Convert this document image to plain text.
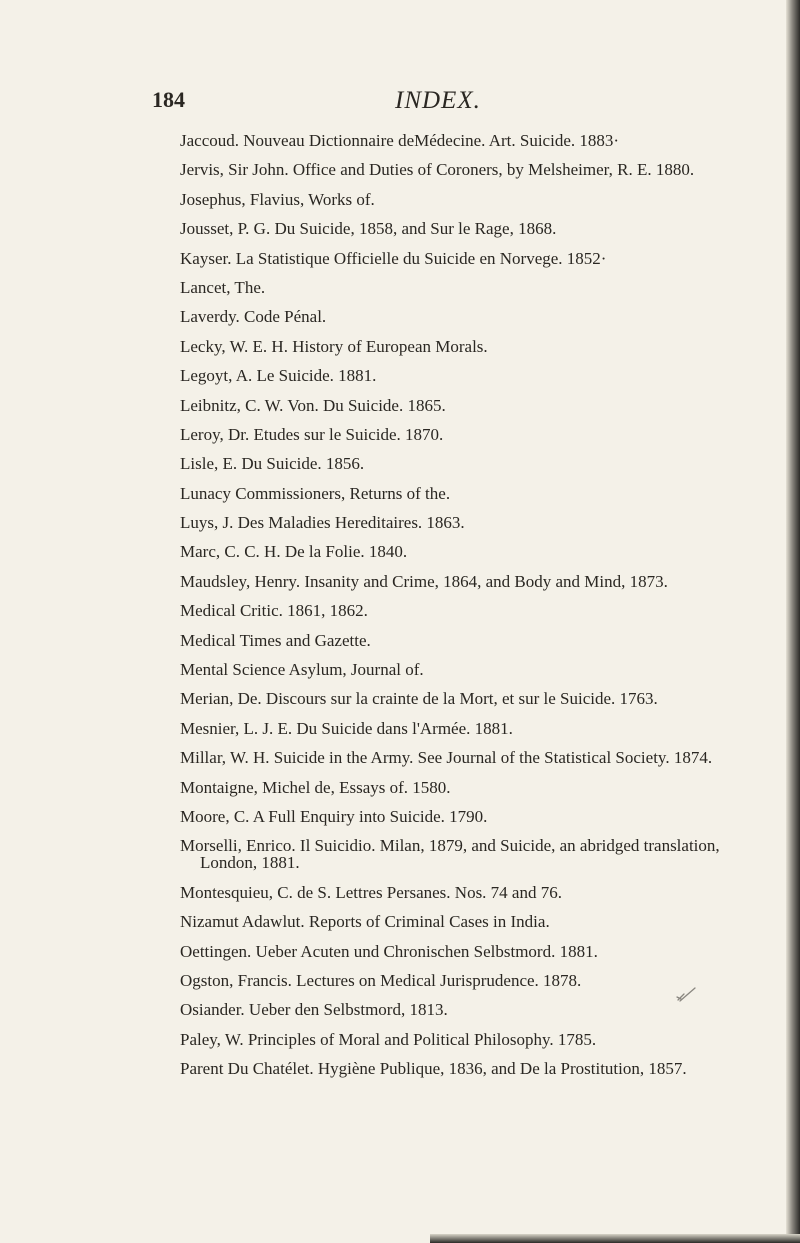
184	INDEX.
Jaccoud. Nouveau Dictionnaire deMédecine. Art. Suicide. 1883·
Jervis, Sir John. Office and Duties of Coroners, by Melsheimer, R. E. 1880.
Josephus, Flavius, Works of.
Jousset, P. G. Du Suicide, 1858, and Sur le Rage, 1868.
Kayser. La Statistique Officielle du Suicide en Norvege. 1852·
Lancet, The.
Laverdy. Code Pénal.
Lecky, W. E. H. History of European Morals.
Legoyt, A. Le Suicide. 1881.
Leibnitz, C. W. Von. Du Suicide. 1865.
Leroy, Dr. Etudes sur le Suicide. 1870.
Lisle, E. Du Suicide. 1856.
Lunacy Commissioners, Returns of the.
Luys, J. Des Maladies Hereditaires. 1863.
Marc, C. C. H. De la Folie. 1840.
Maudsley, Henry. Insanity and Crime, 1864, and Body and Mind, 1873.
Medical Critic. 1861, 1862.
Medical Times and Gazette.
Mental Science Asylum, Journal of.
Merian, De. Discours sur la crainte de la Mort, et sur le Suicide. 1763.
Mesnier, L. J. E. Du Suicide dans l'Armée. 1881.
Millar, W. H. Suicide in the Army. See Journal of the Statistical Society. 1874.
Montaigne, Michel de, Essays of. 1580.
Moore, C. A Full Enquiry into Suicide. 1790.
Morselli, Enrico. Il Suicidio. Milan, 1879, and Suicide, an abridged translation, London, 1881.
Montesquieu, C. de S. Lettres Persanes. Nos. 74 and 76.
Nizamut Adawlut. Reports of Criminal Cases in India.
Oettingen. Ueber Acuten und Chronischen Selbstmord. 1881.
Ogston, Francis. Lectures on Medical Jurisprudence. 1878.
Osiander. Ueber den Selbstmord, 1813.
Paley, W. Principles of Moral and Political Philosophy. 1785.
Parent Du Chatélet. Hygiène Publique, 1836, and De la Prostitution, 1857.
